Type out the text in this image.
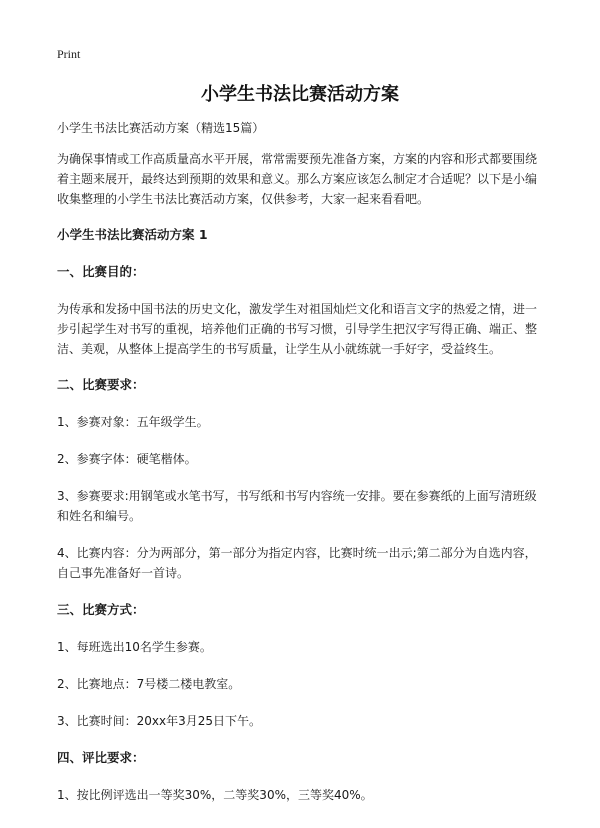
Print
小学生书法比赛活动方案
小学生书法比赛活动方案（精选15篇）

为确保事情或工作高质量高水平开展，常常需要预先准备方案，方案的内容和形式都要围绕着主题来展开，最终达到预期的效果和意义。那么方案应该怎么制定才合适呢？以下是小编收集整理的小学生书法比赛活动方案，仅供参考，大家一起来看看吧。

小学生书法比赛活动方案 1
一、比赛目的：

为传承和发扬中国书法的历史文化，激发学生对祖国灿烂文化和语言文字的热爱之情，进一步引起学生对书写的重视，培养他们正确的书写习惯，引导学生把汉字写得正确、端正、整洁、美观，从整体上提高学生的书写质量，让学生从小就练就一手好字，受益终生。

二、比赛要求：
1、参赛对象：五年级学生。
2、参赛字体：硬笔楷体。
3、参赛要求:用钢笔或水笔书写，书写纸和书写内容统一安排。要在参赛纸的上面写清班级和姓名和编号。
4、比赛内容：分为两部分，第一部分为指定内容，比赛时统一出示;第二部分为自选内容，自己事先准备好一首诗。
三、比赛方式：
1、每班选出10名学生参赛。
2、比赛地点：7号楼二楼电教室。
3、比赛时间：20xx年3月25日下午。
四、评比要求：
1、按比例评选出一等奖30%，二等奖30%，三等奖40%。
